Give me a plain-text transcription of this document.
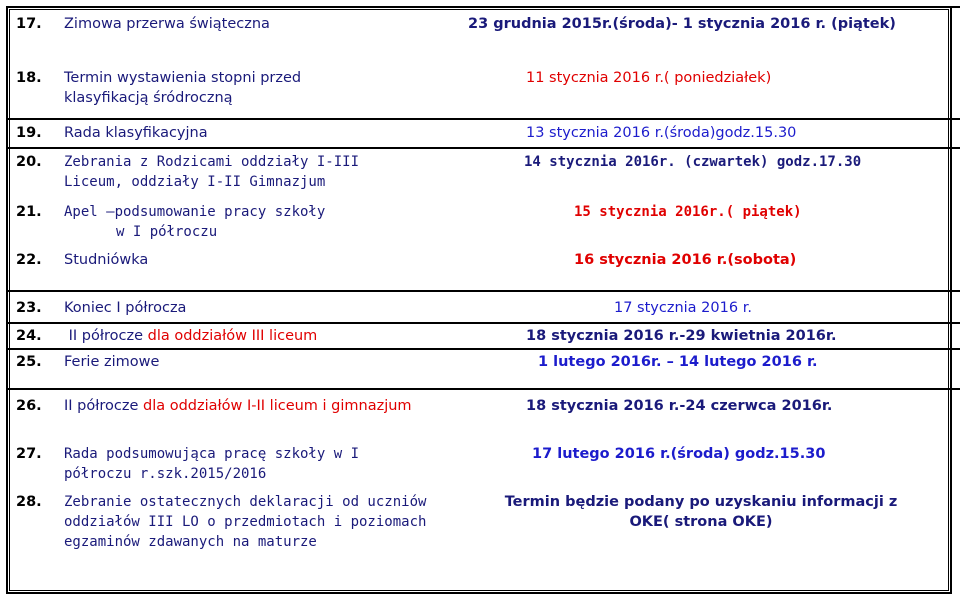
17.	Zimowa przerwa świąteczna	23 grudnia 2015r.(środa)- 1 stycznia 2016 r. (piątek)
18.	Termin wystawienia stopni przed klasyfikacją śródroczną	11 stycznia 2016 r.( poniedziałek)
19.	Rada klasyfikacyjna	13 stycznia 2016 r.(środa)godz.15.30
20.	Zebrania z Rodzicami oddziały I-III Liceum, oddziały I-II Gimnazjum	14 stycznia 2016r. (czwartek) godz.17.30
21.	Apel –podsumowanie pracy szkoły
w I półroczu	15 stycznia 2016r.( piątek)
22.	Studniówka	16 stycznia 2016 r.(sobota)
23.	Koniec I półrocza	17 stycznia 2016 r.
24.	II półrocze dla oddziałów III liceum	18 stycznia 2016 r.-29 kwietnia 2016r.
25.	Ferie zimowe	1 lutego 2016r. – 14 lutego 2016 r.
26.	II półrocze dla oddziałów I-II liceum i gimnazjum	18 stycznia 2016 r.-24 czerwca 2016r.
27.	Rada podsumowująca pracę szkoły w I półroczu r.szk.2015/2016	17 lutego 2016 r.(środa) godz.15.30
28.	Zebranie ostatecznych deklaracji od uczniów oddziałów III LO o przedmiotach i poziomach egzaminów zdawanych na maturze	Termin będzie podany po uzyskaniu informacji z OKE( strona OKE)
